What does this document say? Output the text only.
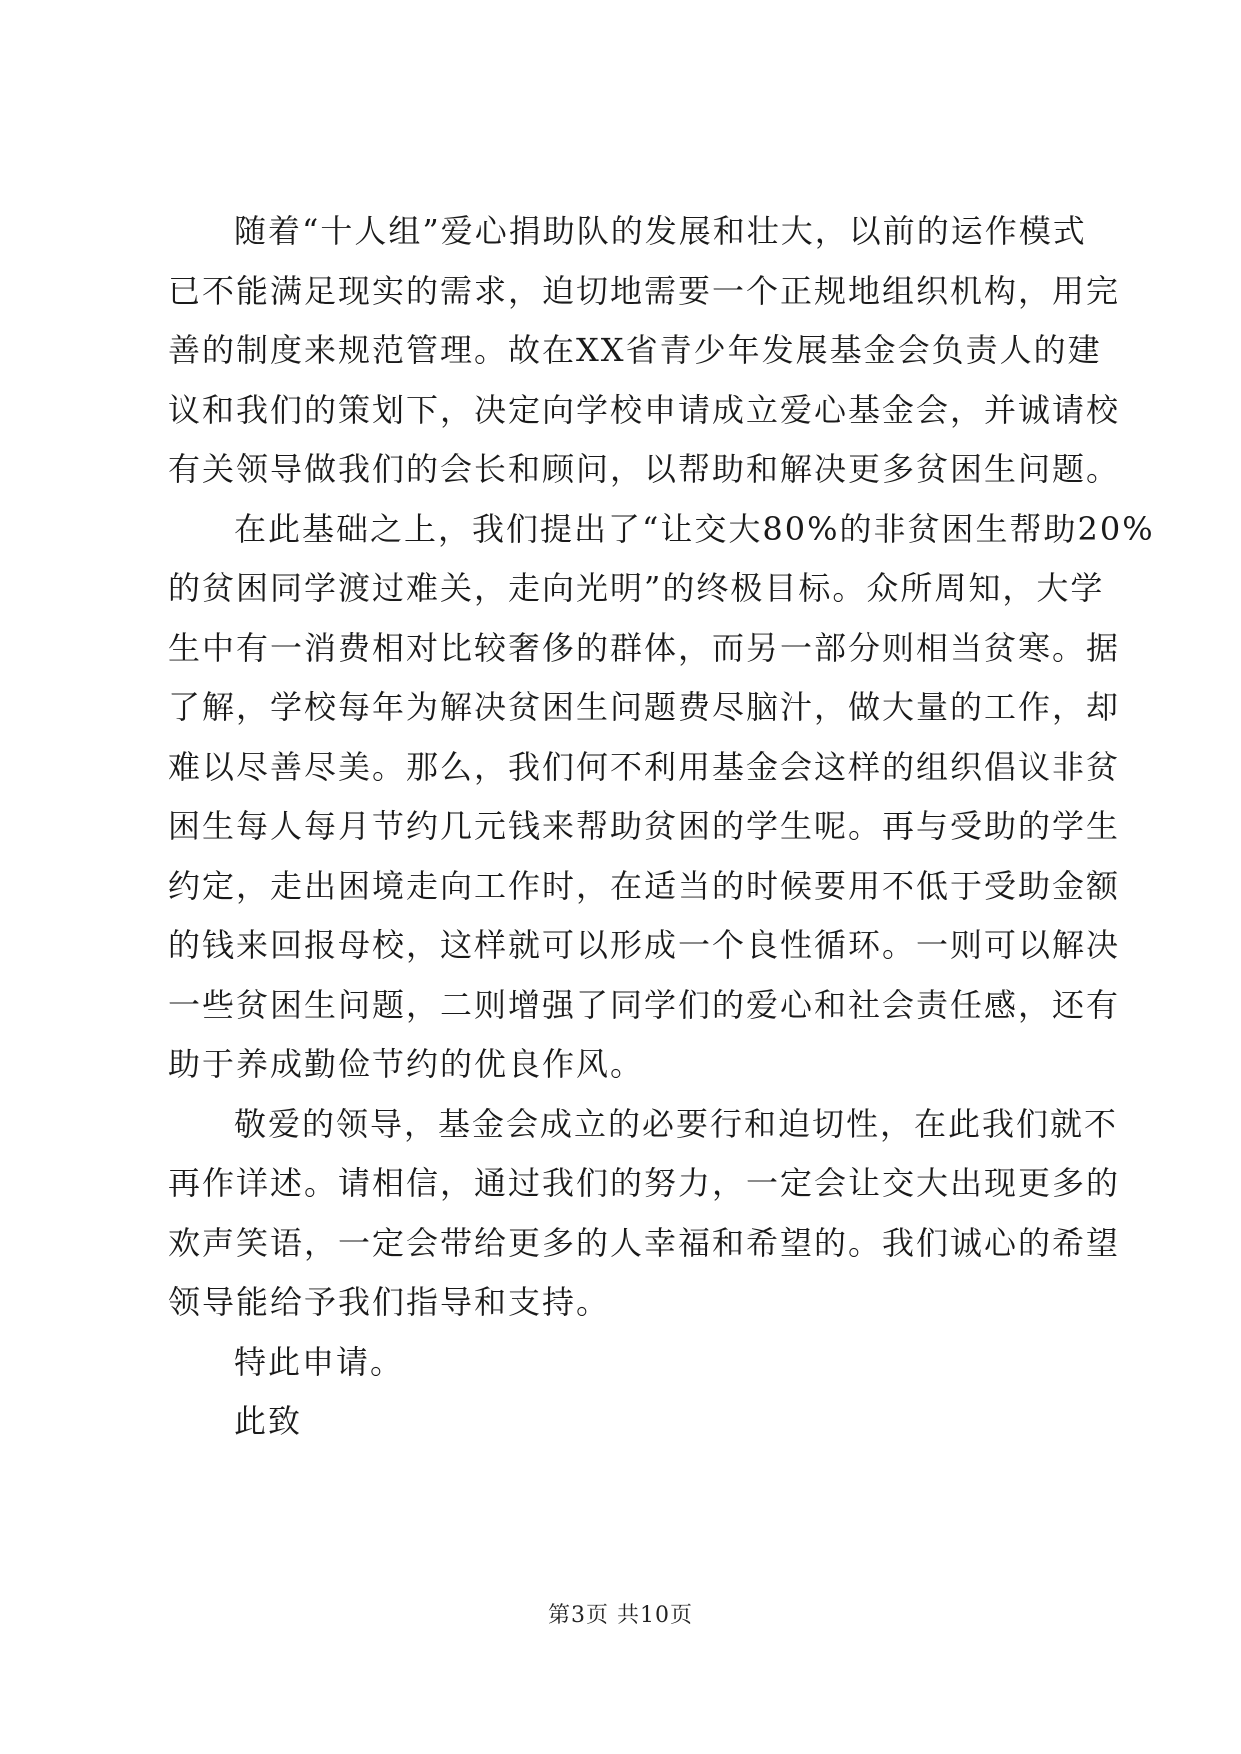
随着“十人组”爱心捐助队的发展和壮大，以前的运作模式
已不能满足现实的需求，迫切地需要一个正规地组织机构，用完
善的制度来规范管理。故在XX省青少年发展基金会负责人的建
议和我们的策划下，决定向学校申请成立爱心基金会，并诚请校
有关领导做我们的会长和顾问，以帮助和解决更多贫困生问题。
在此基础之上，我们提出了“让交大80%的非贫困生帮助20%
的贫困同学渡过难关，走向光明”的终极目标。众所周知，大学
生中有一消费相对比较奢侈的群体，而另一部分则相当贫寒。据
了解，学校每年为解决贫困生问题费尽脑汁，做大量的工作，却
难以尽善尽美。那么，我们何不利用基金会这样的组织倡议非贫
困生每人每月节约几元钱来帮助贫困的学生呢。再与受助的学生
约定，走出困境走向工作时，在适当的时候要用不低于受助金额
的钱来回报母校，这样就可以形成一个良性循环。一则可以解决
一些贫困生问题，二则增强了同学们的爱心和社会责任感，还有
助于养成勤俭节约的优良作风。
敬爱的领导，基金会成立的必要行和迫切性，在此我们就不
再作详述。请相信，通过我们的努力，一定会让交大出现更多的
欢声笑语，一定会带给更多的人幸福和希望的。我们诚心的希望
领导能给予我们指导和支持。
特此申请。
此致
第3页 共10页
